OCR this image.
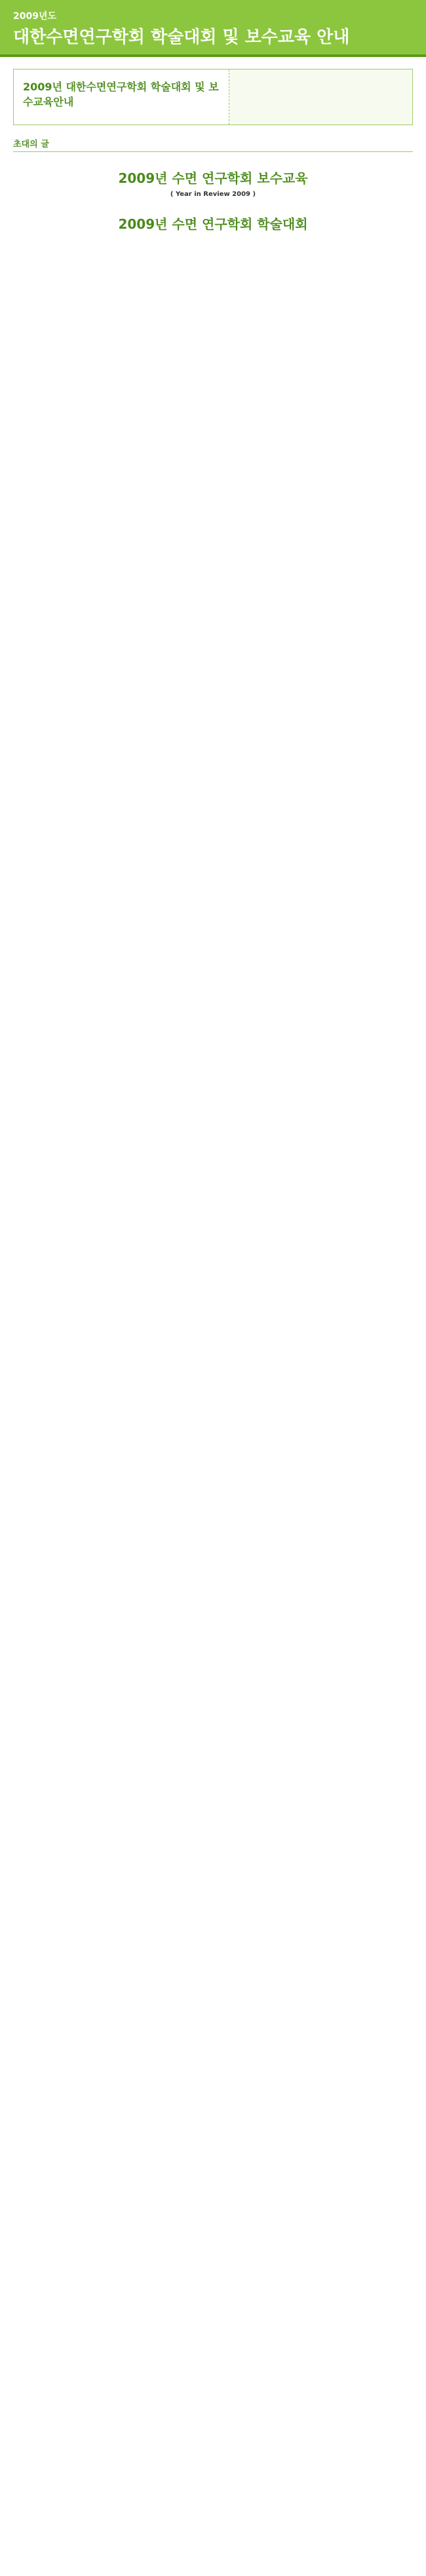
2009년도
대한수면연구학회 학술대회 및 보수교육 안내
2009년 대한수면연구학회 학술대회 및 보수교육안내
초대의 글
2009년 수면 연구학회 보수교육
( Year in Review 2009 )
2009년 수면 연구학회 학술대회
